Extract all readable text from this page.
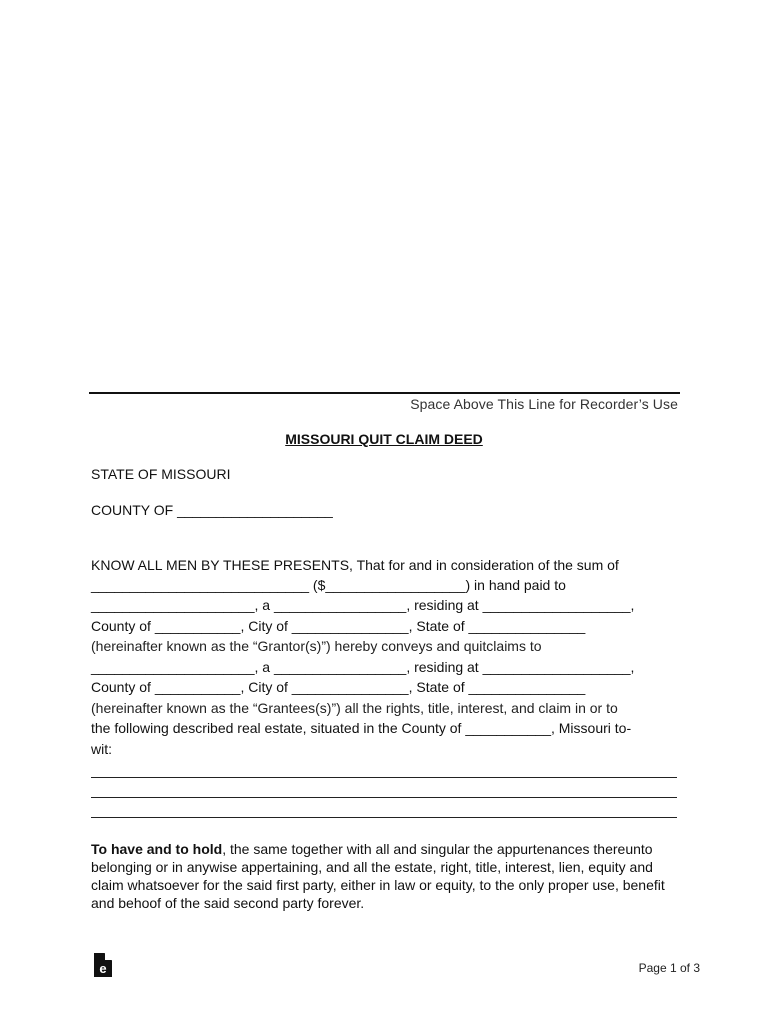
Space Above This Line for Recorder’s Use
MISSOURI QUIT CLAIM DEED
STATE OF MISSOURI
COUNTY OF ____________________
KNOW ALL MEN BY THESE PRESENTS, That for and in consideration of the sum of
____________________________ ($__________________) in hand paid to
_____________________, a _________________, residing at ___________________,
County of ___________, City of _______________, State of _______________
(hereinafter known as the “Grantor(s)”) hereby conveys and quitclaims to
_____________________, a _________________, residing at ___________________,
County of ___________, City of _______________, State of _______________
(hereinafter known as the “Grantees(s)”) all the rights, title, interest, and claim in or to
the following described real estate, situated in the County of ___________, Missouri to-
wit:
To have and to hold, the same together with all and singular the appurtenances thereunto belonging or in anywise appertaining, and all the estate, right, title, interest, lien, equity and claim whatsoever for the said first party, either in law or equity, to the only proper use, benefit and behoof of the said second party forever.
e	Page 1 of 3
